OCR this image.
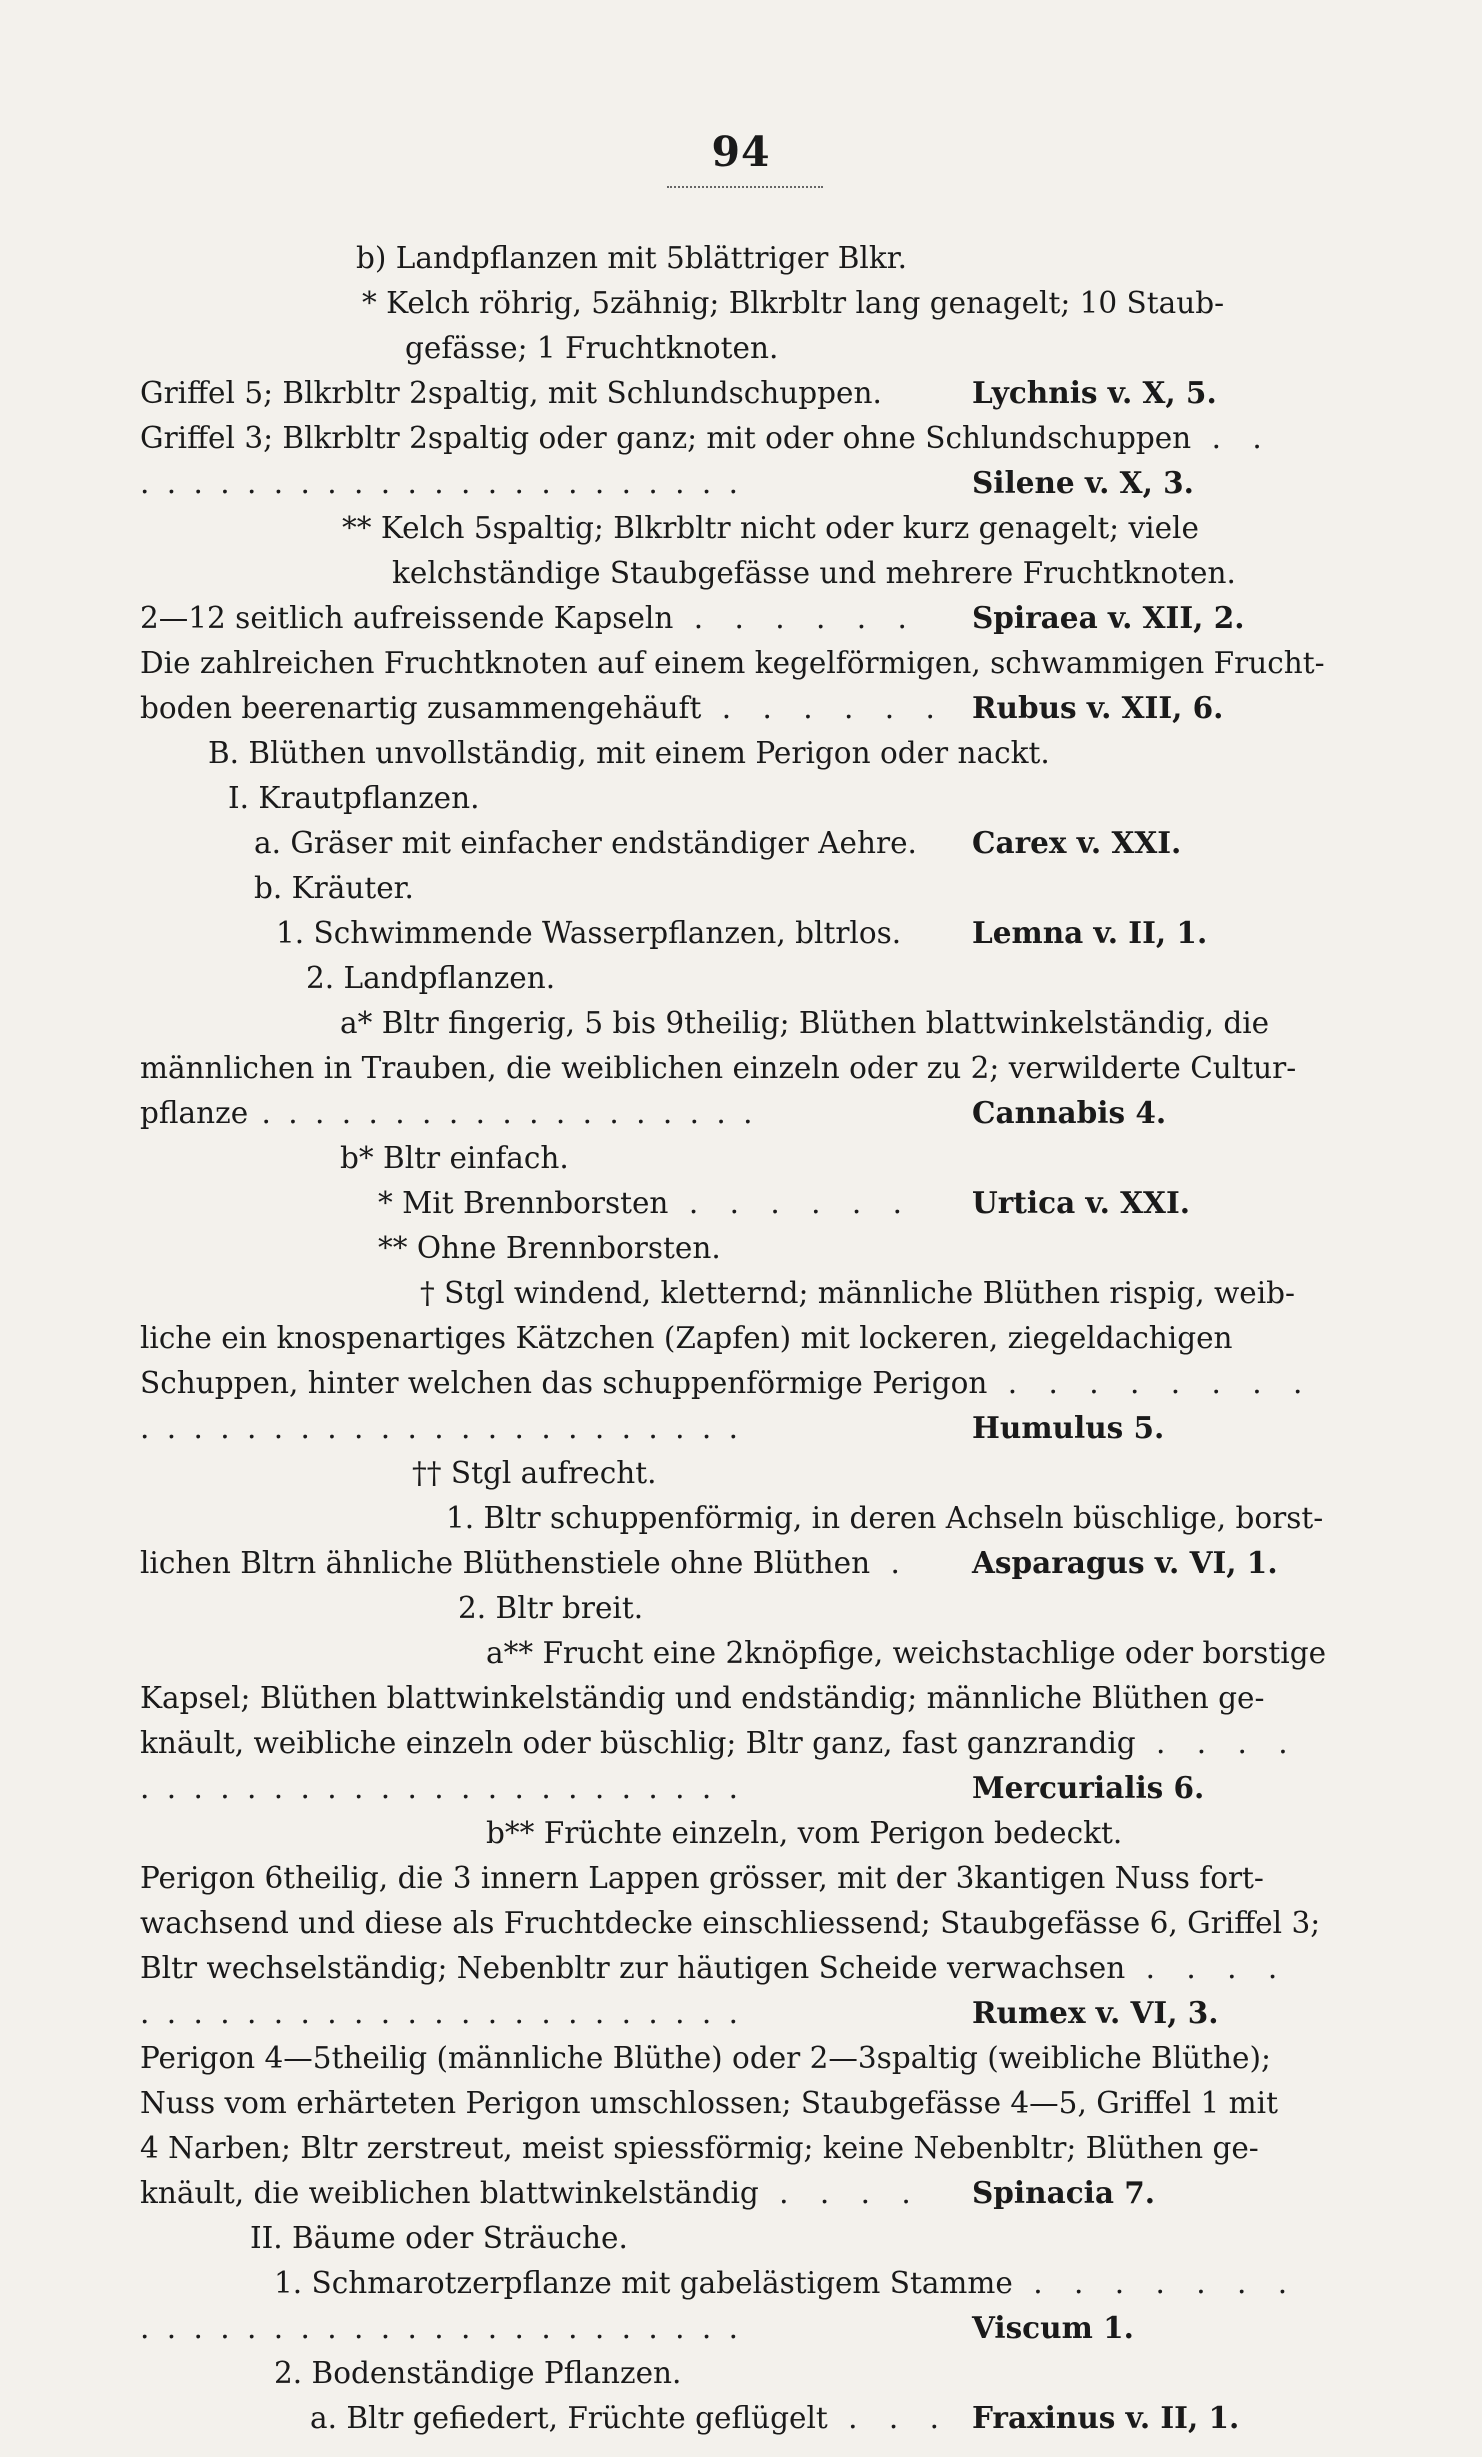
94
b) Landpflanzen mit 5blättriger Blkr.
* Kelch röhrig, 5zähnig; Blkrbltr lang genagelt; 10 Staub-
gefässe; 1 Fruchtknoten.
Griffel 5; Blkrbltr 2spaltig, mit Schlundschuppen.	Lychnis v. X, 5.
Griffel 3; Blkrbltr 2spaltig oder ganz; mit oder ohne Schlundschuppen . .
. . . . . . . . . . . . . . . . . . . . . . .	Silene v. X, 3.
** Kelch 5spaltig; Blkrbltr nicht oder kurz genagelt; viele
kelchständige Staubgefässe und mehrere Fruchtknoten.
2—12 seitlich aufreissende Kapseln . . . . . . Spiraea v. XII, 2.
Die zahlreichen Fruchtknoten auf einem kegelförmigen, schwammigen Frucht-
boden beerenartig zusammengehäuft . . . . . . Rubus v. XII, 6.
B. Blüthen unvollständig, mit einem Perigon oder nackt.
I. Krautpflanzen.
a. Gräser mit einfacher endständiger Aehre. Carex v. XXI.
b. Kräuter.
1. Schwimmende Wasserpflanzen, bltrlos. Lemna v. II, 1.
2. Landpflanzen.
a* Bltr fingerig, 5 bis 9theilig; Blüthen blattwinkelständig, die
männlichen in Trauben, die weiblichen einzeln oder zu 2; verwilderte Cultur-
pflanze . . . . . . . . . . . . . . . . . . .	Cannabis 4.
b* Bltr einfach.
* Mit Brennborsten . . . . . . Urtica v. XXI.
** Ohne Brennborsten.
† Stgl windend, kletternd; männliche Blüthen rispig, weib-
liche ein knospenartiges Kätzchen (Zapfen) mit lockeren, ziegeldachigen
Schuppen, hinter welchen das schuppenförmige Perigon . . . . . . . .
. . . . . . . . . . . . . . . . . . . . . . .	Humulus 5.
†† Stgl aufrecht.
1. Bltr schuppenförmig, in deren Achseln büschlige, borst-
lichen Bltrn ähnliche Blüthenstiele ohne Blüthen . Asparagus v. VI, 1.
2. Bltr breit.
a** Frucht eine 2knöpfige, weichstachlige oder borstige
Kapsel; Blüthen blattwinkelständig und endständig; männliche Blüthen ge-
knäult, weibliche einzeln oder büschlig; Bltr ganz, fast ganzrandig . . . .
. . . . . . . . . . . . . . . . . . . . . . .	Mercurialis 6.
b** Früchte einzeln, vom Perigon bedeckt.
Perigon 6theilig, die 3 innern Lappen grösser, mit der 3kantigen Nuss fort-
wachsend und diese als Fruchtdecke einschliessend; Staubgefässe 6, Griffel 3;
Bltr wechselständig; Nebenbltr zur häutigen Scheide verwachsen . . . .
. . . . . . . . . . . . . . . . . . . . . . .	Rumex v. VI, 3.
Perigon 4—5theilig (männliche Blüthe) oder 2—3spaltig (weibliche Blüthe);
Nuss vom erhärteten Perigon umschlossen; Staubgefässe 4—5, Griffel 1 mit
4 Narben; Bltr zerstreut, meist spiessförmig; keine Nebenbltr; Blüthen ge-
knäult, die weiblichen blattwinkelständig . . . . Spinacia 7.
II. Bäume oder Sträuche.
1. Schmarotzerpflanze mit gabelästigem Stamme . . . . . . .
. . . . . . . . . . . . . . . . . . . . . . .	Viscum 1.
2. Bodenständige Pflanzen.
a. Bltr gefiedert, Früchte geflügelt . . . Fraxinus v. II, 1.
